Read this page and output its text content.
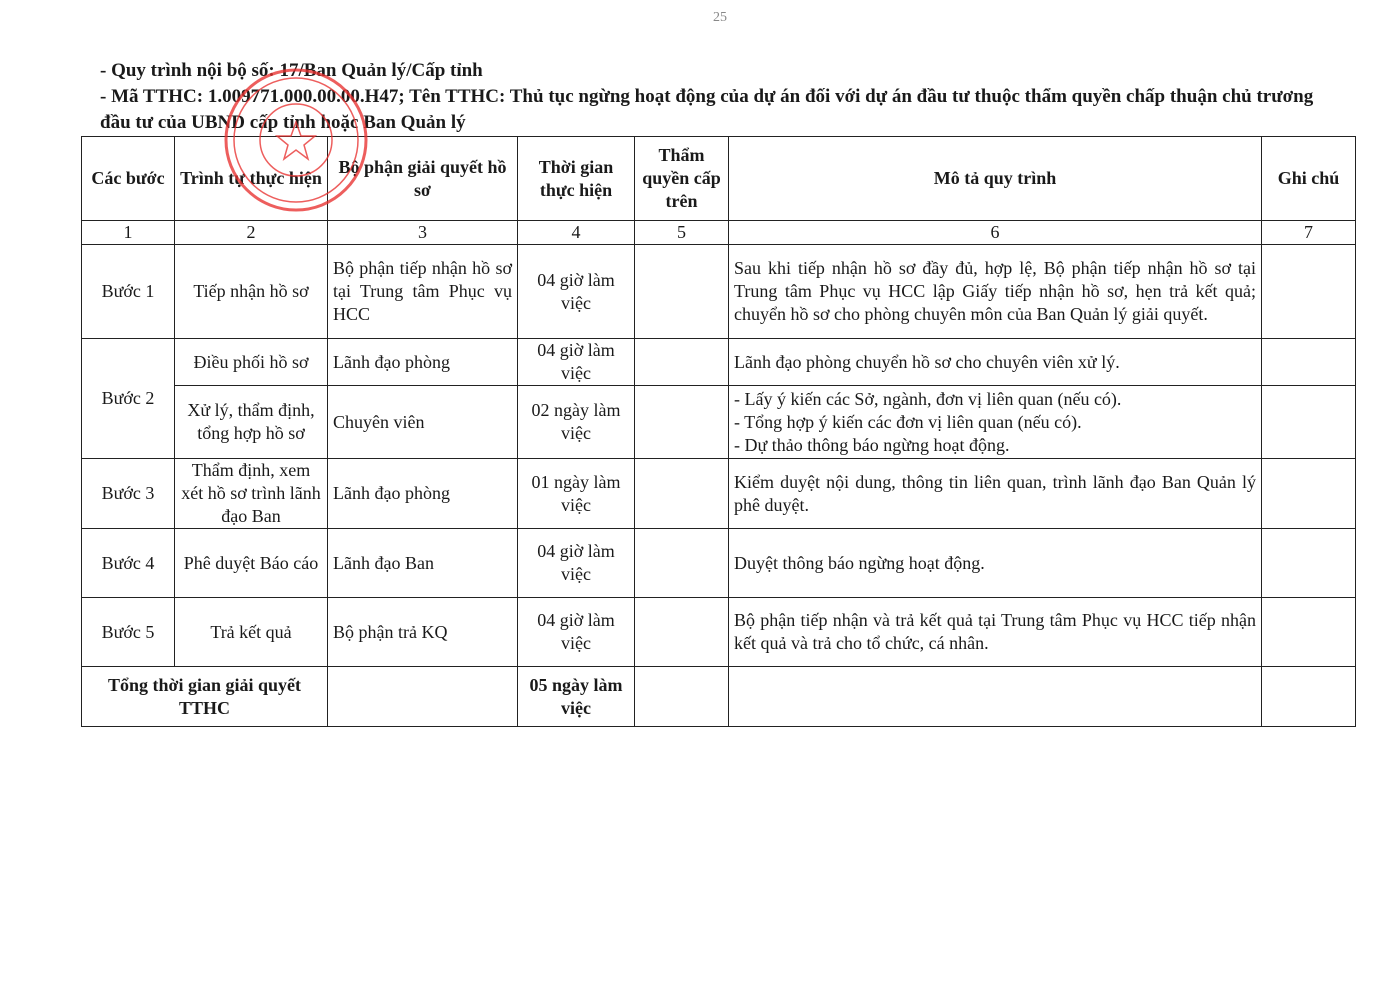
25
- Quy trình nội bộ số: 17/Ban Quản lý/Cấp tỉnh
- Mã TTHC: 1.009771.000.00.00.H47; Tên TTHC: Thủ tục ngừng hoạt động của dự án đối với dự án đầu tư thuộc thẩm quyền chấp thuận chủ trương đầu tư của UBND cấp tỉnh hoặc Ban Quản lý
Các bước	Trình tự thực hiện	Bộ phận giải quyết hồ sơ	Thời gian thực hiện	Thẩm quyền cấp trên	Mô tả quy trình	Ghi chú
1	2	3	4	5	6	7
Bước 1	Tiếp nhận hồ sơ	Bộ phận tiếp nhận hồ sơ tại Trung tâm Phục vụ HCC	04 giờ làm việc		Sau khi tiếp nhận hồ sơ đầy đủ, hợp lệ, Bộ phận tiếp nhận hồ sơ tại Trung tâm Phục vụ HCC lập Giấy tiếp nhận hồ sơ, hẹn trả kết quả; chuyển hồ sơ cho phòng chuyên môn của Ban Quản lý giải quyết.	
Bước 2	Điều phối hồ sơ	Lãnh đạo phòng	04 giờ làm việc		Lãnh đạo phòng chuyển hồ sơ cho chuyên viên xử lý.	
	Xử lý, thẩm định, tổng hợp hồ sơ	Chuyên viên	02 ngày làm việc		- Lấy ý kiến các Sở, ngành, đơn vị liên quan (nếu có).
- Tổng hợp ý kiến các đơn vị liên quan (nếu có).
- Dự thảo thông báo ngừng hoạt động.	

Bước 3	Thẩm định, xem xét hồ sơ trình lãnh đạo Ban	Lãnh đạo phòng	01 ngày làm việc		Kiểm duyệt nội dung, thông tin liên quan, trình lãnh đạo Ban Quản lý phê duyệt.	
Bước 4	Phê duyệt Báo cáo	Lãnh đạo Ban	04 giờ làm việc		Duyệt thông báo ngừng hoạt động.	
Bước 5	Trả kết quả	Bộ phận trả KQ	04 giờ làm việc		Bộ phận tiếp nhận và trả kết quả tại Trung tâm Phục vụ HCC tiếp nhận kết quả và trả cho tổ chức, cá nhân.	
Tổng thời gian giải quyết TTHC			05 ngày làm việc			
